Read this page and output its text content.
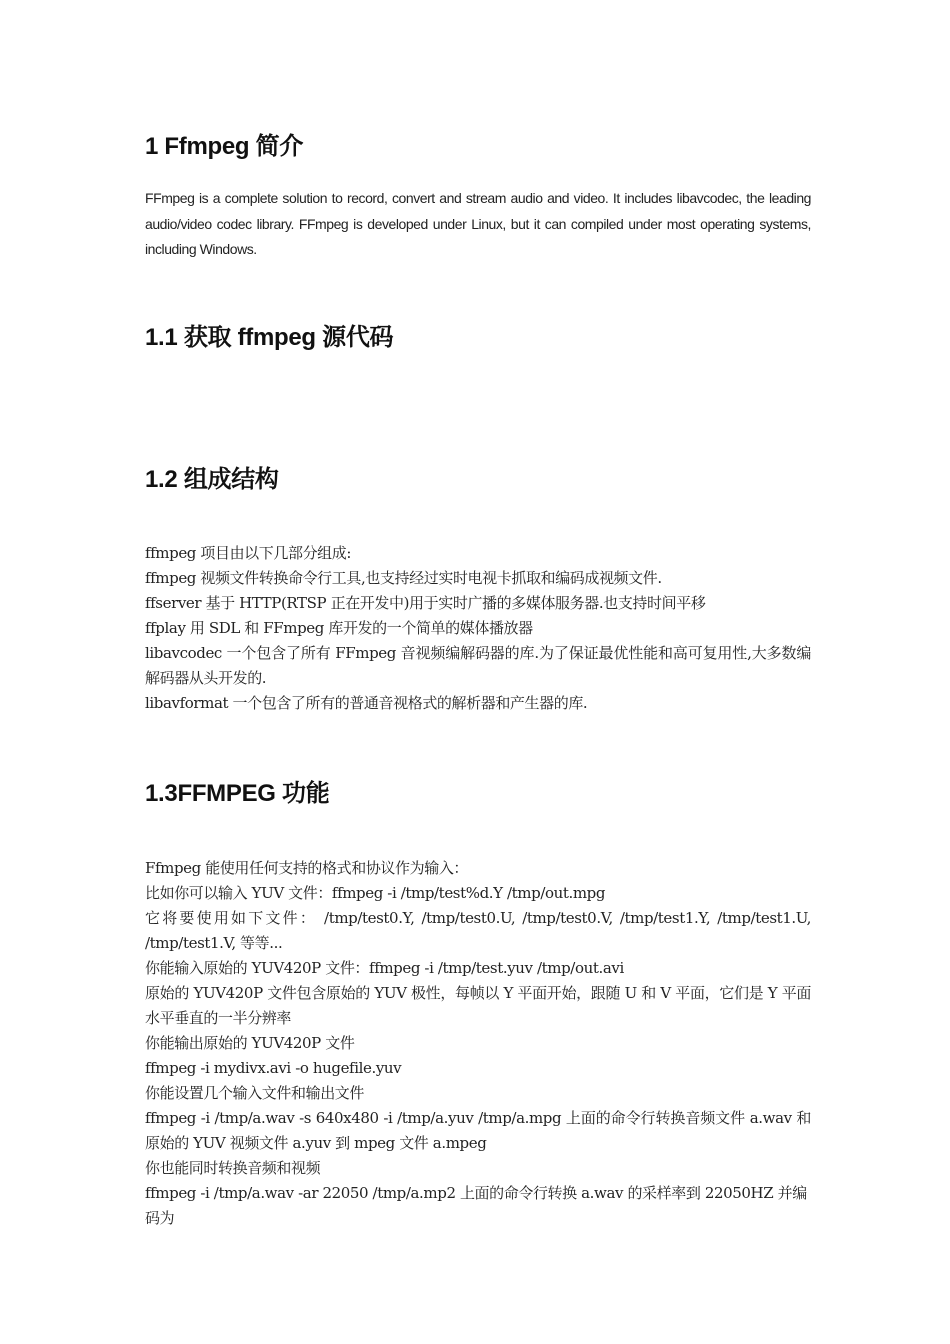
1 Ffmpeg 简介

FFmpeg is a complete solution to record, convert and stream audio and video. It includes libavcodec, the leading audio/video codec library. FFmpeg is developed under Linux, but it can compiled under most operating systems, including Windows.

1.1 获取 ffmpeg 源代码
1.2 组成结构
ffmpeg 项目由以下几部分组成:
ffmpeg 视频文件转换命令行工具,也支持经过实时电视卡抓取和编码成视频文件.
ffserver 基于 HTTP(RTSP 正在开发中)用于实时广播的多媒体服务器.也支持时间平移
ffplay 用 SDL 和 FFmpeg 库开发的一个简单的媒体播放器
libavcodec 一个包含了所有 FFmpeg 音视频编解码器的库.为了保证最优性能和高可复用性,大多数编解码器从头开发的.
libavformat 一个包含了所有的普通音视格式的解析器和产生器的库.
1.3FFMPEG 功能
Ffmpeg 能使用任何支持的格式和协议作为输入：
比如你可以输入 YUV 文件：ffmpeg -i /tmp/test%d.Y /tmp/out.mpg
它将要使用如下文件： /tmp/test0.Y, /tmp/test0.U, /tmp/test0.V, /tmp/test1.Y, /tmp/test1.U, /tmp/test1.V, 等等...
你能输入原始的 YUV420P 文件：ffmpeg -i /tmp/test.yuv /tmp/out.avi
原始的 YUV420P 文件包含原始的 YUV 极性，每帧以 Y 平面开始，跟随 U 和 V 平面，它们是 Y 平面水平垂直的一半分辨率
你能输出原始的 YUV420P 文件
ffmpeg -i mydivx.avi -o hugefile.yuv
你能设置几个输入文件和输出文件
ffmpeg -i /tmp/a.wav -s 640x480 -i /tmp/a.yuv /tmp/a.mpg 上面的命令行转换音频文件 a.wav 和原始的 YUV 视频文件 a.yuv 到 mpeg 文件 a.mpeg
你也能同时转换音频和视频
ffmpeg -i /tmp/a.wav -ar 22050 /tmp/a.mp2 上面的命令行转换 a.wav 的采样率到 22050HZ 并编码为
